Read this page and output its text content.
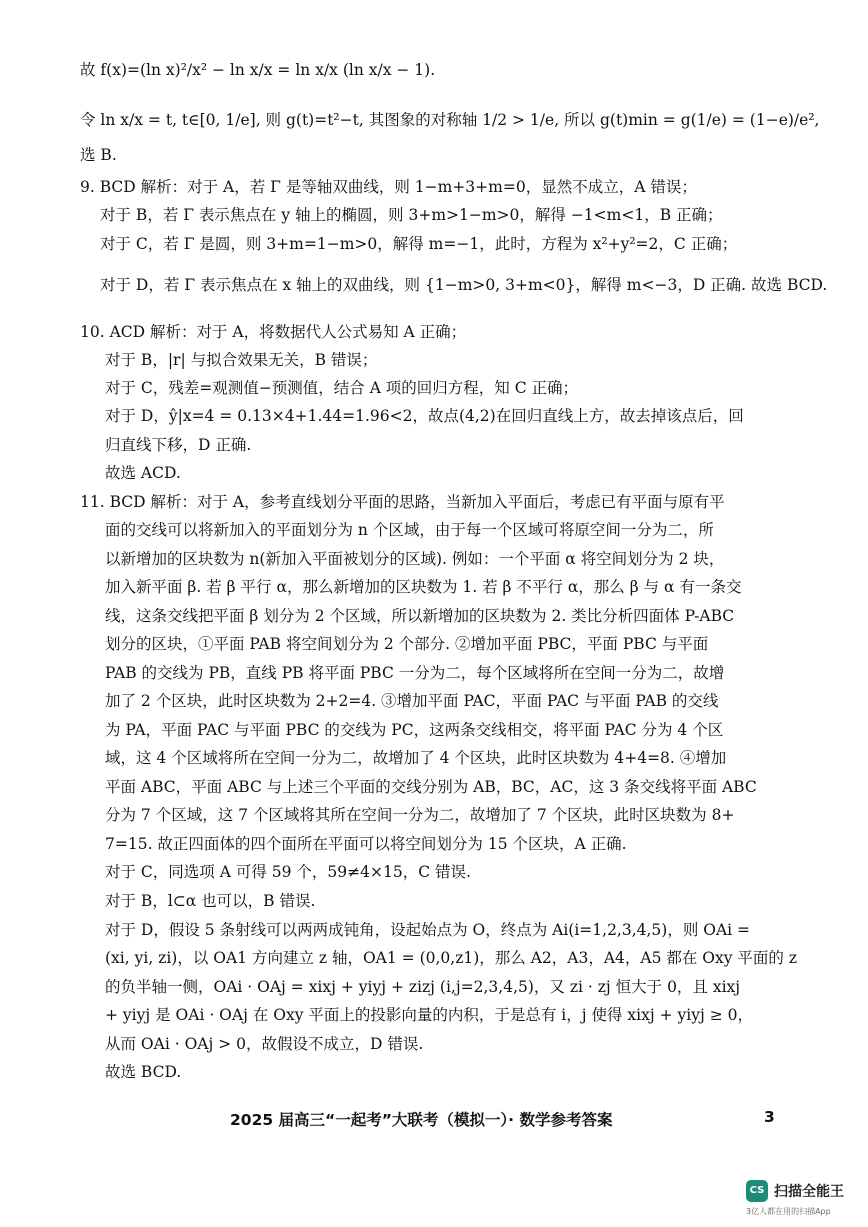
故 f(x)=(ln x)²/x² − ln x/x = ln x/x (ln x/x − 1).
令 ln x/x = t, t∈[0, 1/e], 则 g(t)=t²−t, 其图象的对称轴 1/2 > 1/e, 所以 g(t)min = g(1/e) = (1−e)/e²,
选 B.
9. BCD 解析：对于 A，若 Γ 是等轴双曲线，则 1−m+3+m=0，显然不成立，A 错误；
对于 B，若 Γ 表示焦点在 y 轴上的椭圆，则 3+m>1−m>0，解得 −1<m<1，B 正确；
对于 C，若 Γ 是圆，则 3+m=1−m>0，解得 m=−1，此时，方程为 x²+y²=2，C 正确；
对于 D，若 Γ 表示焦点在 x 轴上的双曲线，则 {1−m>0, 3+m<0}，解得 m<−3，D 正确. 故选 BCD.
10. ACD 解析：对于 A，将数据代人公式易知 A 正确；
对于 B，|r| 与拟合效果无关，B 错误；
对于 C，残差=观测值−预测值，结合 A 项的回归方程，知 C 正确；
对于 D，ŷ|x=4 = 0.13×4+1.44=1.96<2，故点(4,2)在回归直线上方，故去掉该点后，回
归直线下移，D 正确.
故选 ACD.
11. BCD 解析：对于 A，参考直线划分平面的思路，当新加入平面后，考虑已有平面与原有平
面的交线可以将新加入的平面划分为 n 个区域，由于每一个区域可将原空间一分为二，所
以新增加的区块数为 n(新加入平面被划分的区域). 例如：一个平面 α 将空间划分为 2 块，
加入新平面 β. 若 β 平行 α，那么新增加的区块数为 1. 若 β 不平行 α，那么 β 与 α 有一条交
线，这条交线把平面 β 划分为 2 个区域，所以新增加的区块数为 2. 类比分析四面体 P-ABC
划分的区块，①平面 PAB 将空间划分为 2 个部分. ②增加平面 PBC，平面 PBC 与平面
PAB 的交线为 PB，直线 PB 将平面 PBC 一分为二，每个区域将所在空间一分为二，故增
加了 2 个区块，此时区块数为 2+2=4. ③增加平面 PAC，平面 PAC 与平面 PAB 的交线
为 PA，平面 PAC 与平面 PBC 的交线为 PC，这两条交线相交，将平面 PAC 分为 4 个区
域，这 4 个区域将所在空间一分为二，故增加了 4 个区块，此时区块数为 4+4=8. ④增加
平面 ABC，平面 ABC 与上述三个平面的交线分别为 AB，BC，AC，这 3 条交线将平面 ABC
分为 7 个区域，这 7 个区域将其所在空间一分为二，故增加了 7 个区块，此时区块数为 8+
7=15. 故正四面体的四个面所在平面可以将空间划分为 15 个区块，A 正确.
对于 C，同选项 A 可得 59 个，59≠4×15，C 错误.
对于 B，l⊂α 也可以，B 错误.
对于 D，假设 5 条射线可以两两成钝角，设起始点为 O，终点为 Ai(i=1,2,3,4,5)，则 OAi =
(xi, yi, zi)，以 OA1 方向建立 z 轴，OA1 = (0,0,z1)，那么 A2，A3，A4，A5 都在 Oxy 平面的 z
的负半轴一侧，OAi · OAj = xixj + yiyj + zizj (i,j=2,3,4,5)，又 zi · zj 恒大于 0，且 xixj
+ yiyj 是 OAi · OAj 在 Oxy 平面上的投影向量的内积，于是总有 i，j 使得 xixj + yiyj ≥ 0，
从而 OAi · OAj > 0，故假设不成立，D 错误.
故选 BCD.
2025 届高三“一起考”大联考（模拟一）· 数学参考答案	3
CS 扫描全能王
3亿人都在用的扫描App
